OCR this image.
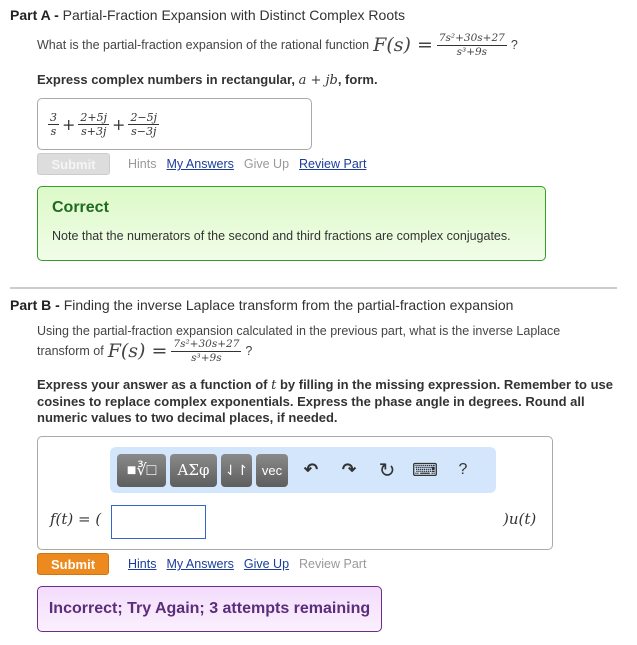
Part A - Partial-Fraction Expansion with Distinct Complex Roots
What is the partial-fraction expansion of the rational function $F(s) = \frac{\text{7s²+30s+27}}{\text{s³+9s}}$ ?
Express complex numbers in rectangular, a + jb, form.
$\frac{3}{s} + \frac{2+5j}{s+3j} + \frac{2-5j}{s-3j}$
Submit	Hints My Answers Give Up Review Part
Correct
Note that the numerators of the second and third fractions are complex conjugates.
Part B - Finding the inverse Laplace transform from the partial-fraction expansion
Using the partial-fraction expansion calculated in the previous part, what is the inverse Laplace
transform of $F(s) = \frac{\text{7s²+30s+27}}{\text{s³+9s}}$ ?
Express your answer as a function of t by filling in the missing expression. Remember to use cosines to replace complex exponentials. Express the phase angle in degrees. Round all numeric values to two decimal places, if needed.
■∛□ ΑΣφ ⇃↾ vec ↶ ↷ ↻ ⌨ ?
f(t) = (	)u(t)
Submit	Hints My Answers Give Up Review Part
Incorrect; Try Again; 3 attempts remaining
